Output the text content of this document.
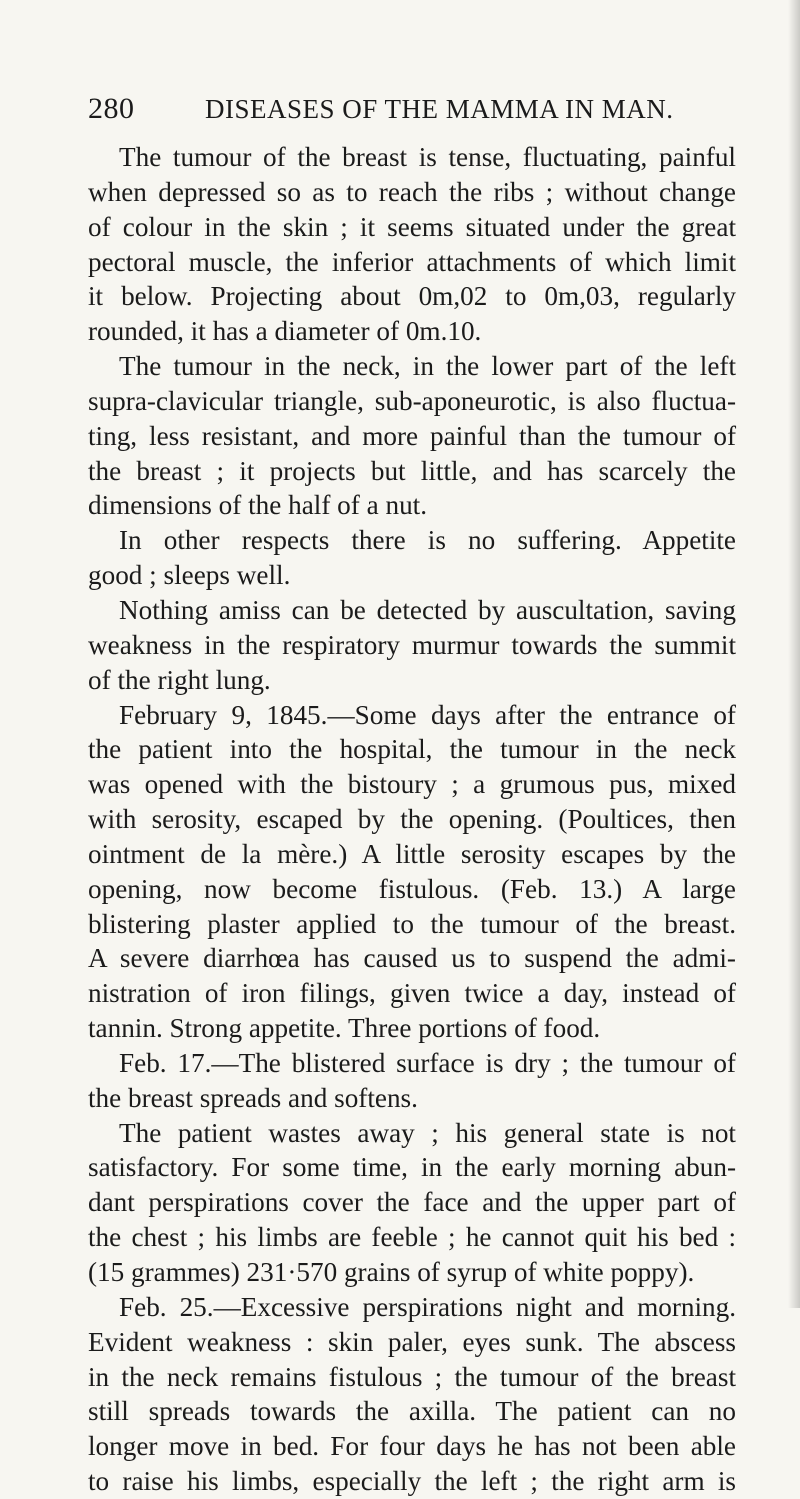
280	DISEASES OF THE MAMMA IN MAN.
The tumour of the breast is tense, fluctuating, painful
when depressed so as to reach the ribs ; without change
of colour in the skin ; it seems situated under the great
pectoral muscle, the inferior attachments of which limit
it below. Projecting about 0m,02 to 0m,03, regularly
rounded, it has a diameter of 0m.10.
The tumour in the neck, in the lower part of the left
supra-clavicular triangle, sub-aponeurotic, is also fluctua-
ting, less resistant, and more painful than the tumour of
the breast ; it projects but little, and has scarcely the
dimensions of the half of a nut.
In other respects there is no suffering. Appetite
good ; sleeps well.
Nothing amiss can be detected by auscultation, saving
weakness in the respiratory murmur towards the summit
of the right lung.
February 9, 1845.—Some days after the entrance of
the patient into the hospital, the tumour in the neck
was opened with the bistoury ; a grumous pus, mixed
with serosity, escaped by the opening. (Poultices, then
ointment de la mère.) A little serosity escapes by the
opening, now become fistulous. (Feb. 13.) A large
blistering plaster applied to the tumour of the breast.
A severe diarrhœa has caused us to suspend the admi-
nistration of iron filings, given twice a day, instead of
tannin. Strong appetite. Three portions of food.
Feb. 17.—The blistered surface is dry ; the tumour of
the breast spreads and softens.
The patient wastes away ; his general state is not
satisfactory. For some time, in the early morning abun-
dant perspirations cover the face and the upper part of
the chest ; his limbs are feeble ; he cannot quit his bed :
(15 grammes) 231·570 grains of syrup of white poppy).
Feb. 25.—Excessive perspirations night and morning.
Evident weakness : skin paler, eyes sunk. The abscess
in the neck remains fistulous ; the tumour of the breast
still spreads towards the axilla. The patient can no
longer move in bed. For four days he has not been able
to raise his limbs, especially the left ; the right arm is
